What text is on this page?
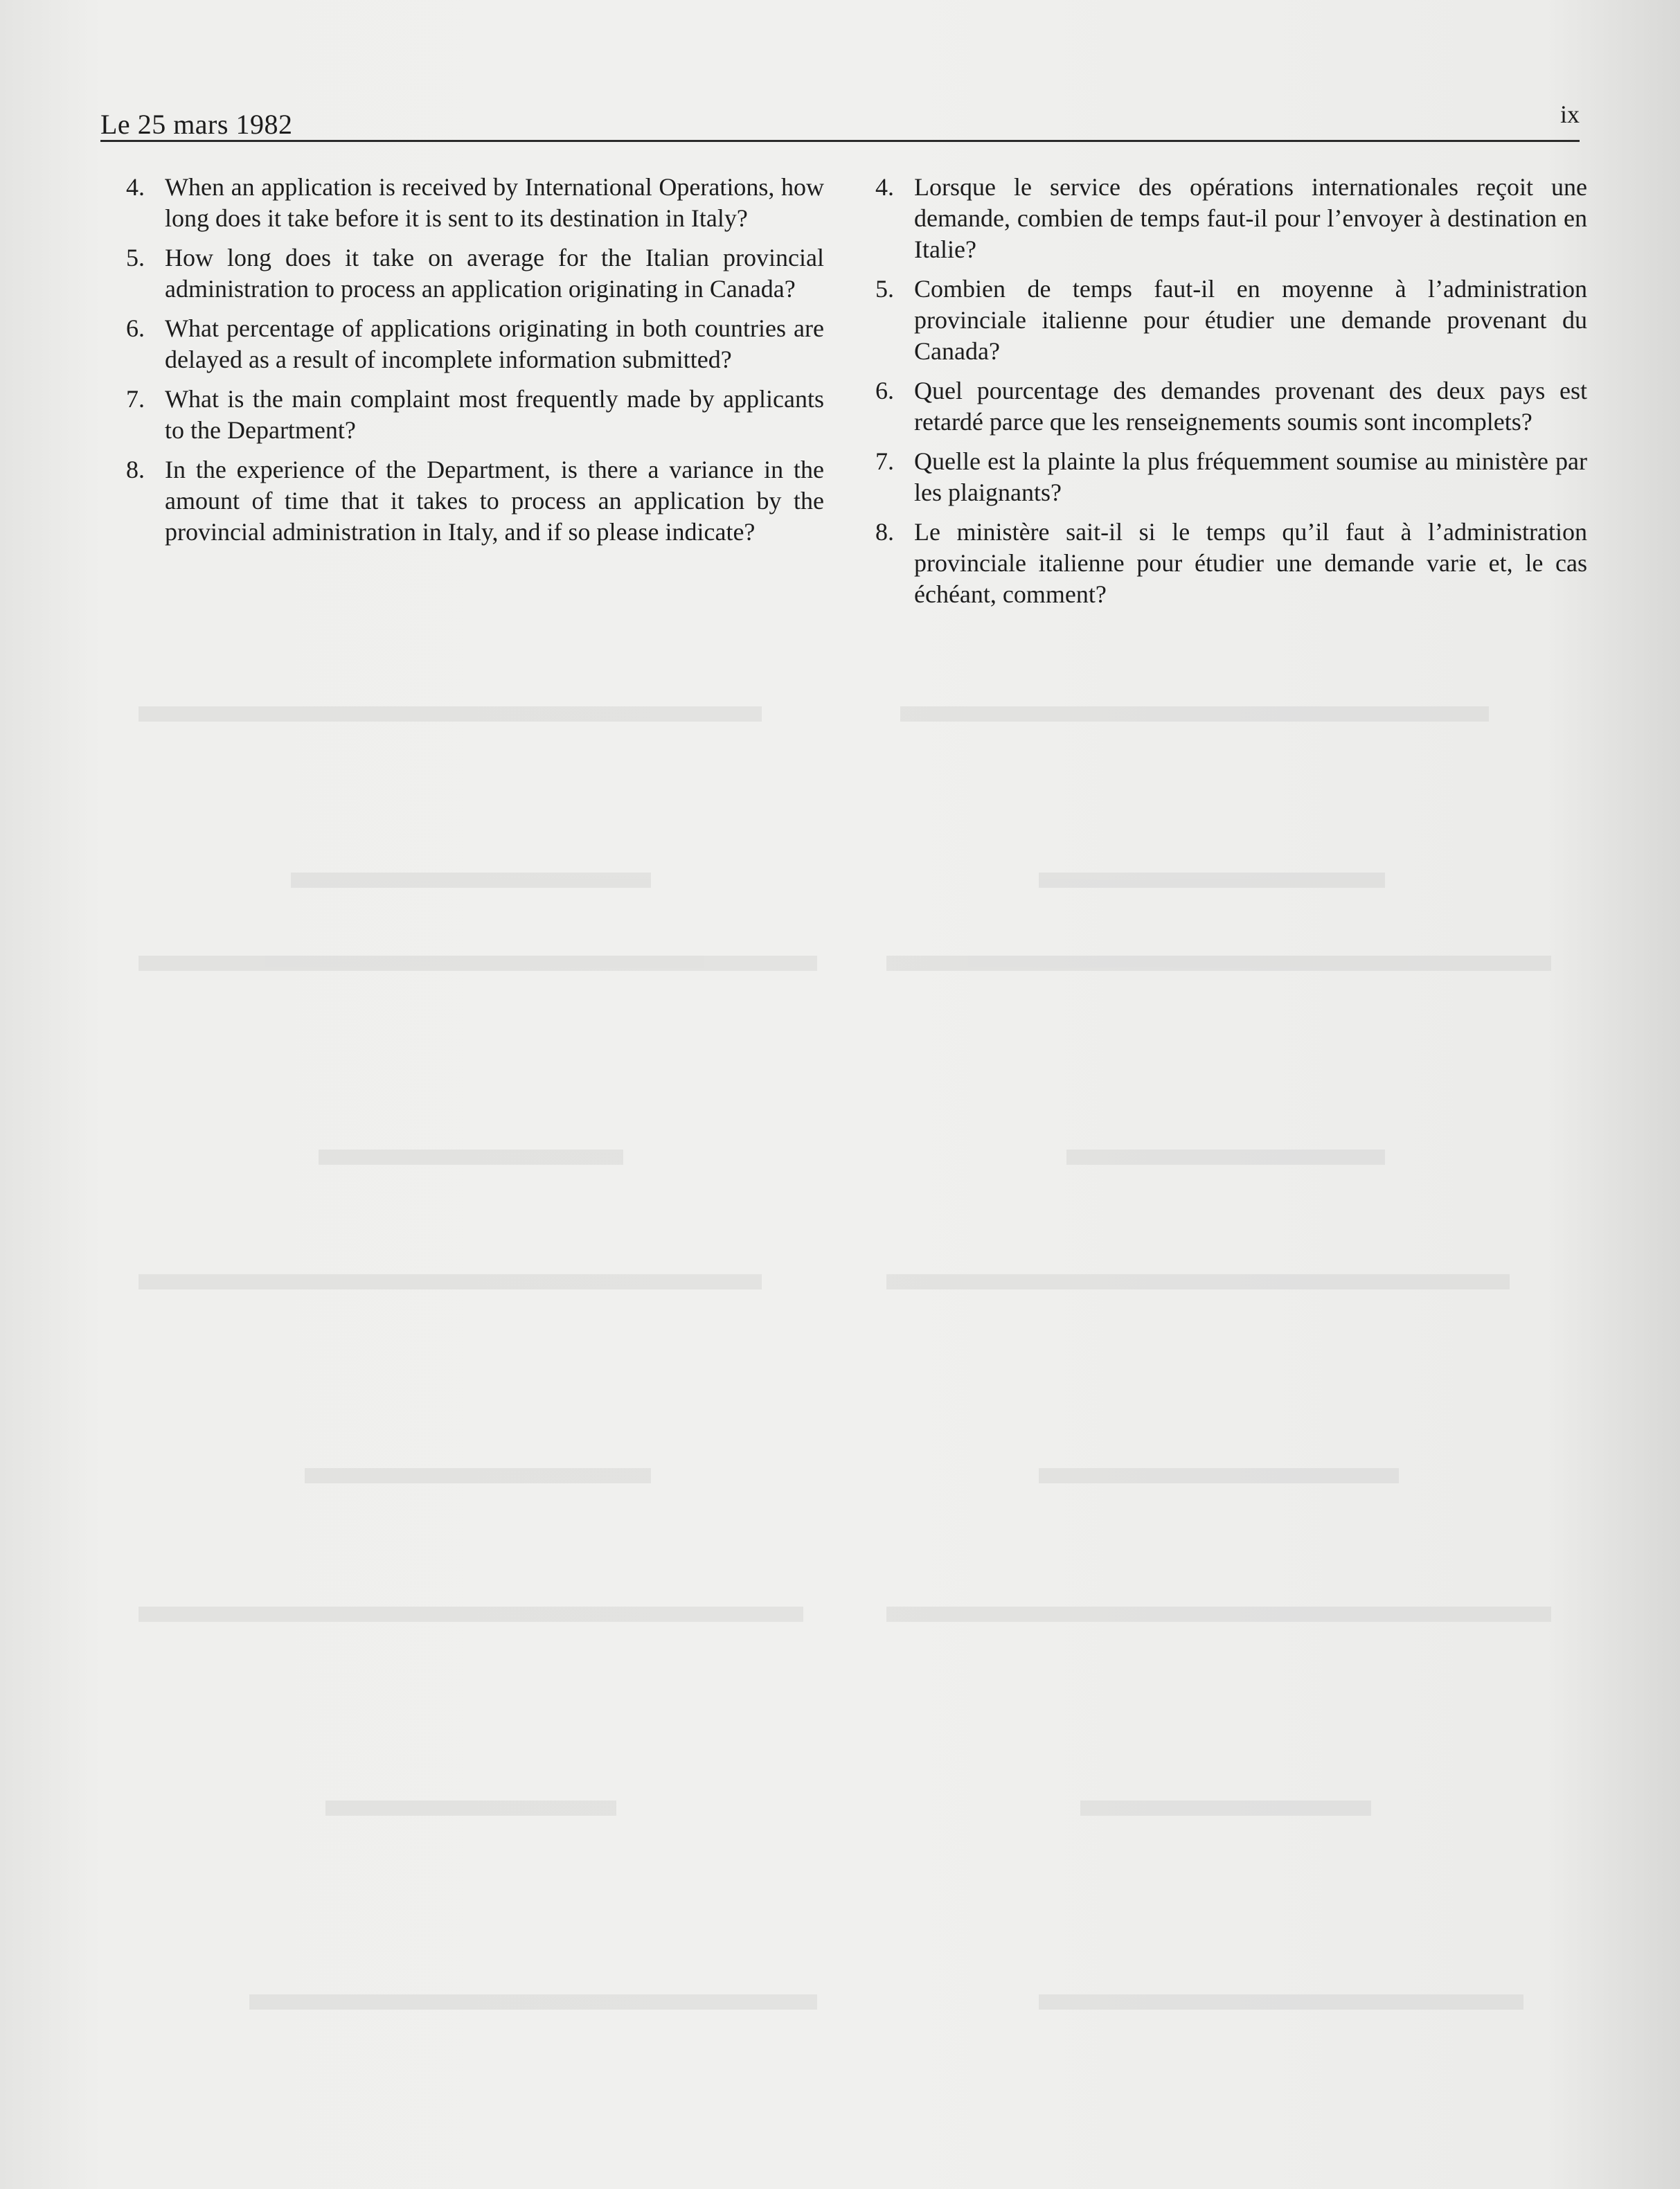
Le 25 mars 1982	ix
4. When an application is received by International Operations, how long does it take before it is sent to its destination in Italy?
5. How long does it take on average for the Italian provincial administration to process an application originating in Canada?
6. What percentage of applications originating in both countries are delayed as a result of incomplete information submitted?
7. What is the main complaint most frequently made by applicants to the Department?
8. In the experience of the Department, is there a variance in the amount of time that it takes to process an application by the provincial administration in Italy, and if so please indicate?
4. Lorsque le service des opérations internationales reçoit une demande, combien de temps faut-il pour l’envoyer à destination en Italie?
5. Combien de temps faut-il en moyenne à l’administration provinciale italienne pour étudier une demande provenant du Canada?
6. Quel pourcentage des demandes provenant des deux pays est retardé parce que les renseignements soumis sont incomplets?
7. Quelle est la plainte la plus fréquemment soumise au ministère par les plaignants?
8. Le ministère sait-il si le temps qu’il faut à l’administration provinciale italienne pour étudier une demande varie et, le cas échéant, comment?
